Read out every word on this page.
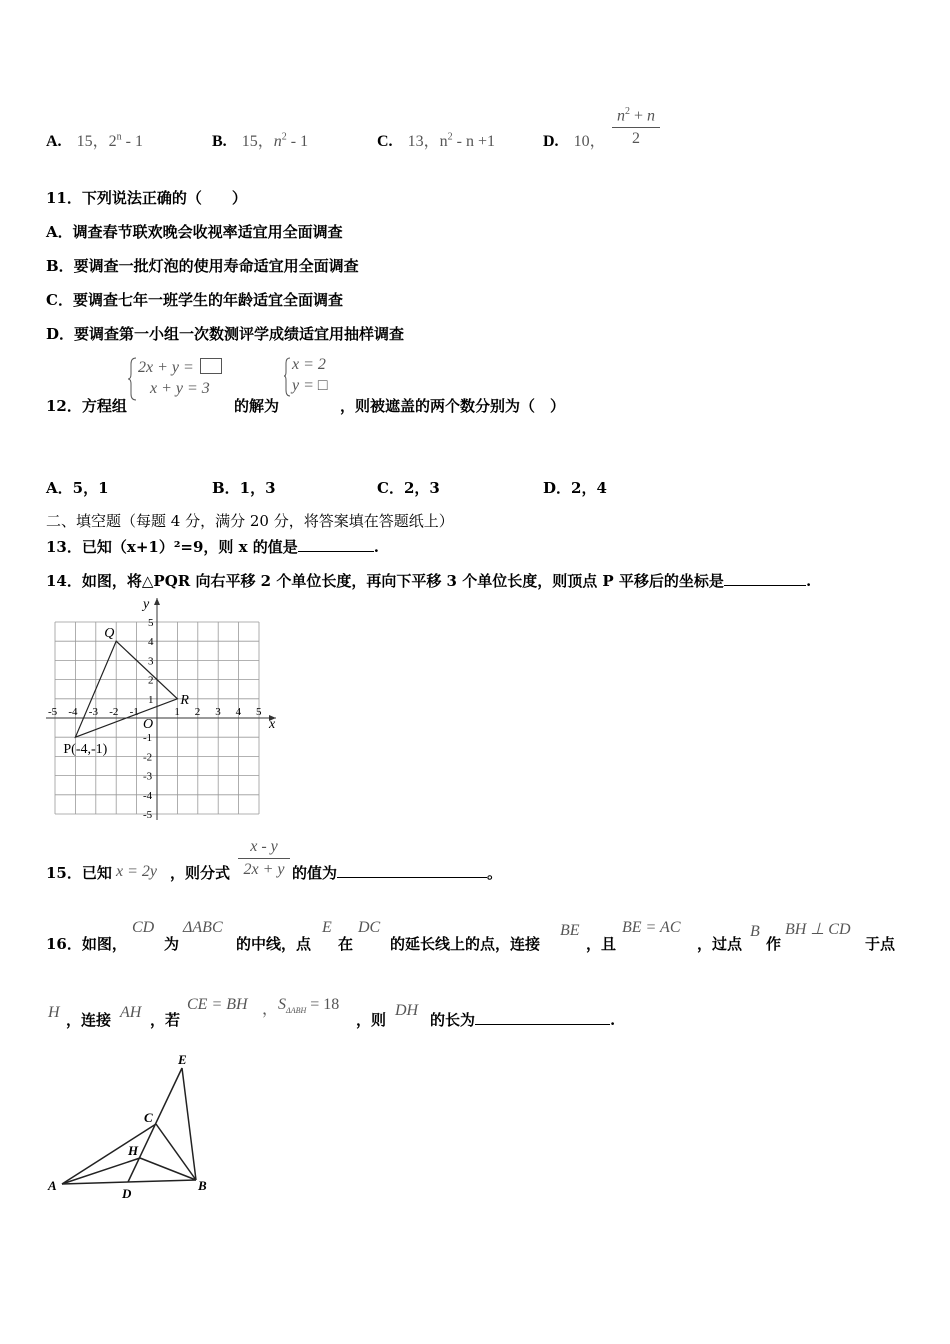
A. 15，2$^n$ - 1	B. 15，$n^2 - 1$	C. 13，$n^2 - n +1$	D. 10，
$n^2 + n$
2
11．下列说法正确的（　　）
A．调查春节联欢晚会收视率适宜用全面调查
B．要调查一批灯泡的使用寿命适宜用全面调查
C．要调查七年一班学生的年龄适宜全面调查
D．要调查第一小组一次数测评学成绩适宜用抽样调查
12．方程组
2x + y =
x + y = 3
的解为
x = 2
y = □
，则被遮盖的两个数分别为（　）
A．5，1	B．1，3	C．2，3	D．2，4
二、填空题（每题 4 分，满分 20 分，将答案填在答题纸上）
13．已知（x+1）²=9，则 x 的值是	.
14．如图，将△PQR 向右平移 2 个单位长度，再向下平移 3 个单位长度，则顶点 P 平移后的坐标是	.
-5 -4 -3 -2 -1	1 2 3 4 5
5
4
3
2
1
-1
-2
-3
-4
-5
x
y
O
Q
R
P(-4,-1)
15．已知 x = 2y ，则分式
x - y
2x + y 的值为	。
16．如图，
CD
为
ΔABC
的中线，点
E
在
DC
的延长线上的点，连接
BE
，且
BE = AC
，过点
B
作
BH ⊥ CD
于点
H ，连接 AH ，若
CE = BH ， $S_{\Delta ABH} = 18$
，则
DH
的长为	.
A	B
C
D
E
H
